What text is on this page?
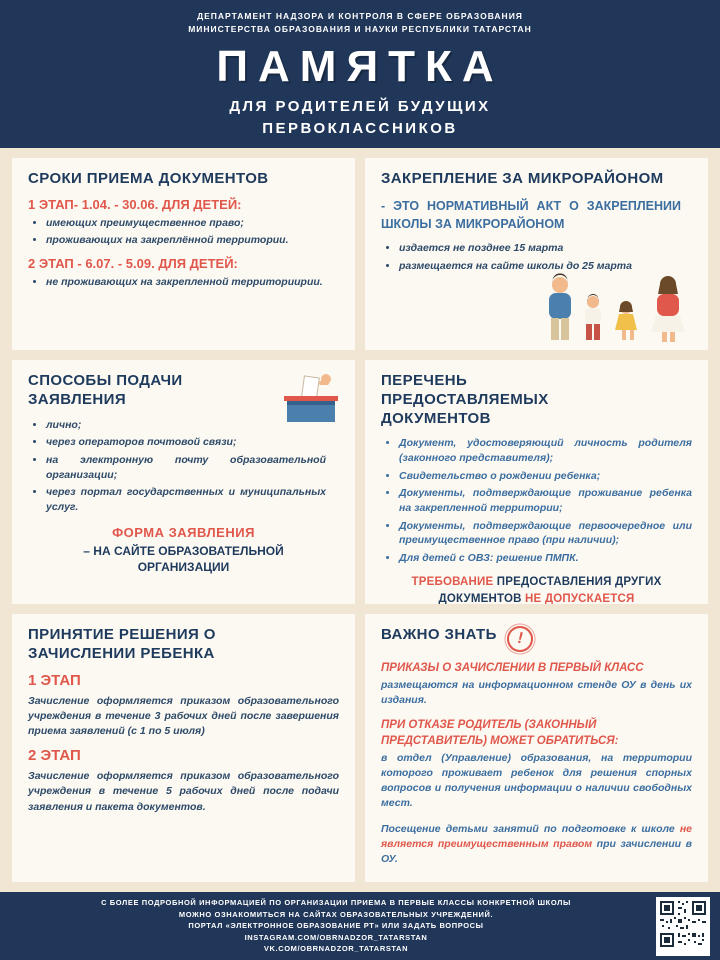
ДЕПАРТАМЕНТ НАДЗОРА И КОНТРОЛЯ В СФЕРЕ ОБРАЗОВАНИЯ
МИНИСТЕРСТВА ОБРАЗОВАНИЯ И НАУКИ РЕСПУБЛИКИ ТАТАРСТАН
ПАМЯТКА
ДЛЯ РОДИТЕЛЕЙ БУДУЩИХ ПЕРВОКЛАССНИКОВ
СРОКИ ПРИЕМА ДОКУМЕНТОВ
1 ЭТАП- 1.04. - 30.06. ДЛЯ ДЕТЕЙ:
• имеющих преимущественное право;
• проживающих на закреплённой территории.
2 ЭТАП - 6.07. - 5.09. ДЛЯ ДЕТЕЙ:
• не проживающих на закрепленной территориирии.
ЗАКРЕПЛЕНИЕ ЗА МИКРОРАЙОНОМ
- ЭТО НОРМАТИВНЫЙ АКТ О ЗАКРЕПЛЕНИИ ШКОЛЫ ЗА МИКРОРАЙОНОМ
• издается не позднее 15 марта
• размещается на сайте школы до 25 марта
СПОСОБЫ ПОДАЧИ ЗАЯВЛЕНИЯ
• лично;
• через операторов почтовой связи;
• на электронную почту образовательной организации;
• через портал государственных и муниципальных услуг.
ФОРМА ЗАЯВЛЕНИЯ
– НА САЙТЕ ОБРАЗОВАТЕЛЬНОЙ ОРГАНИЗАЦИИ
ПЕРЕЧЕНЬ ПРЕДОСТАВЛЯЕМЫХ ДОКУМЕНТОВ
• Документ, удостоверяющий личность родителя (законного представителя);
• Свидетельство о рождении ребенка;
• Документы, подтверждающие проживание ребенка на закрепленной территории;
• Документы, подтверждающие первоочередное или преимущественное право (при наличии);
• Для детей с ОВЗ: решение ПМПК.

ТРЕБОВАНИЕ ПРЕДОСТАВЛЕНИЯ ДРУГИХ ДОКУМЕНТОВ НЕ ДОПУСКАЕТСЯ

ПРИНЯТИЕ РЕШЕНИЯ О ЗАЧИСЛЕНИИ РЕБЕНКА
1 ЭТАП

Зачисление оформляется приказом образовательного учреждения в течение 3 рабочих дней после завершения приема заявлений (с 1 по 5 июля)

2 ЭТАП

Зачисление оформляется приказом образовательного учреждения в течение 5 рабочих дней после подачи заявления и пакета документов.

ВАЖНО ЗНАТЬ	!
ПРИКАЗЫ О ЗАЧИСЛЕНИИ В ПЕРВЫЙ КЛАСС

размещаются на информационном стенде ОУ в день их издания.

ПРИ ОТКАЗЕ РОДИТЕЛЬ (ЗАКОННЫЙ ПРЕДСТАВИТЕЛЬ) МОЖЕТ ОБРАТИТЬСЯ:

в отдел (Управление) образования, на территории которого проживает ребенок для решения спорных вопросов и получения информации о наличии свободных мест.

Посещение детьми занятий по подготовке к школе не является преимущественным правом при зачислении в ОУ.

С БОЛЕЕ ПОДРОБНОЙ ИНФОРМАЦИЕЙ ПО ОРГАНИЗАЦИИ ПРИЕМА В ПЕРВЫЕ КЛАССЫ КОНКРЕТНОЙ ШКОЛЫ
МОЖНО ОЗНАКОМИТЬСЯ НА САЙТАХ ОБРАЗОВАТЕЛЬНЫХ УЧРЕЖДЕНИЙ.
ПОРТАЛ «ЭЛЕКТРОННОЕ ОБРАЗОВАНИЕ РТ» ИЛИ ЗАДАТЬ ВОПРОСЫ
INSTAGRAM.COM/OBRNADZOR_TATARSTAN
VK.COM/OBRNADZOR_TATARSTAN
